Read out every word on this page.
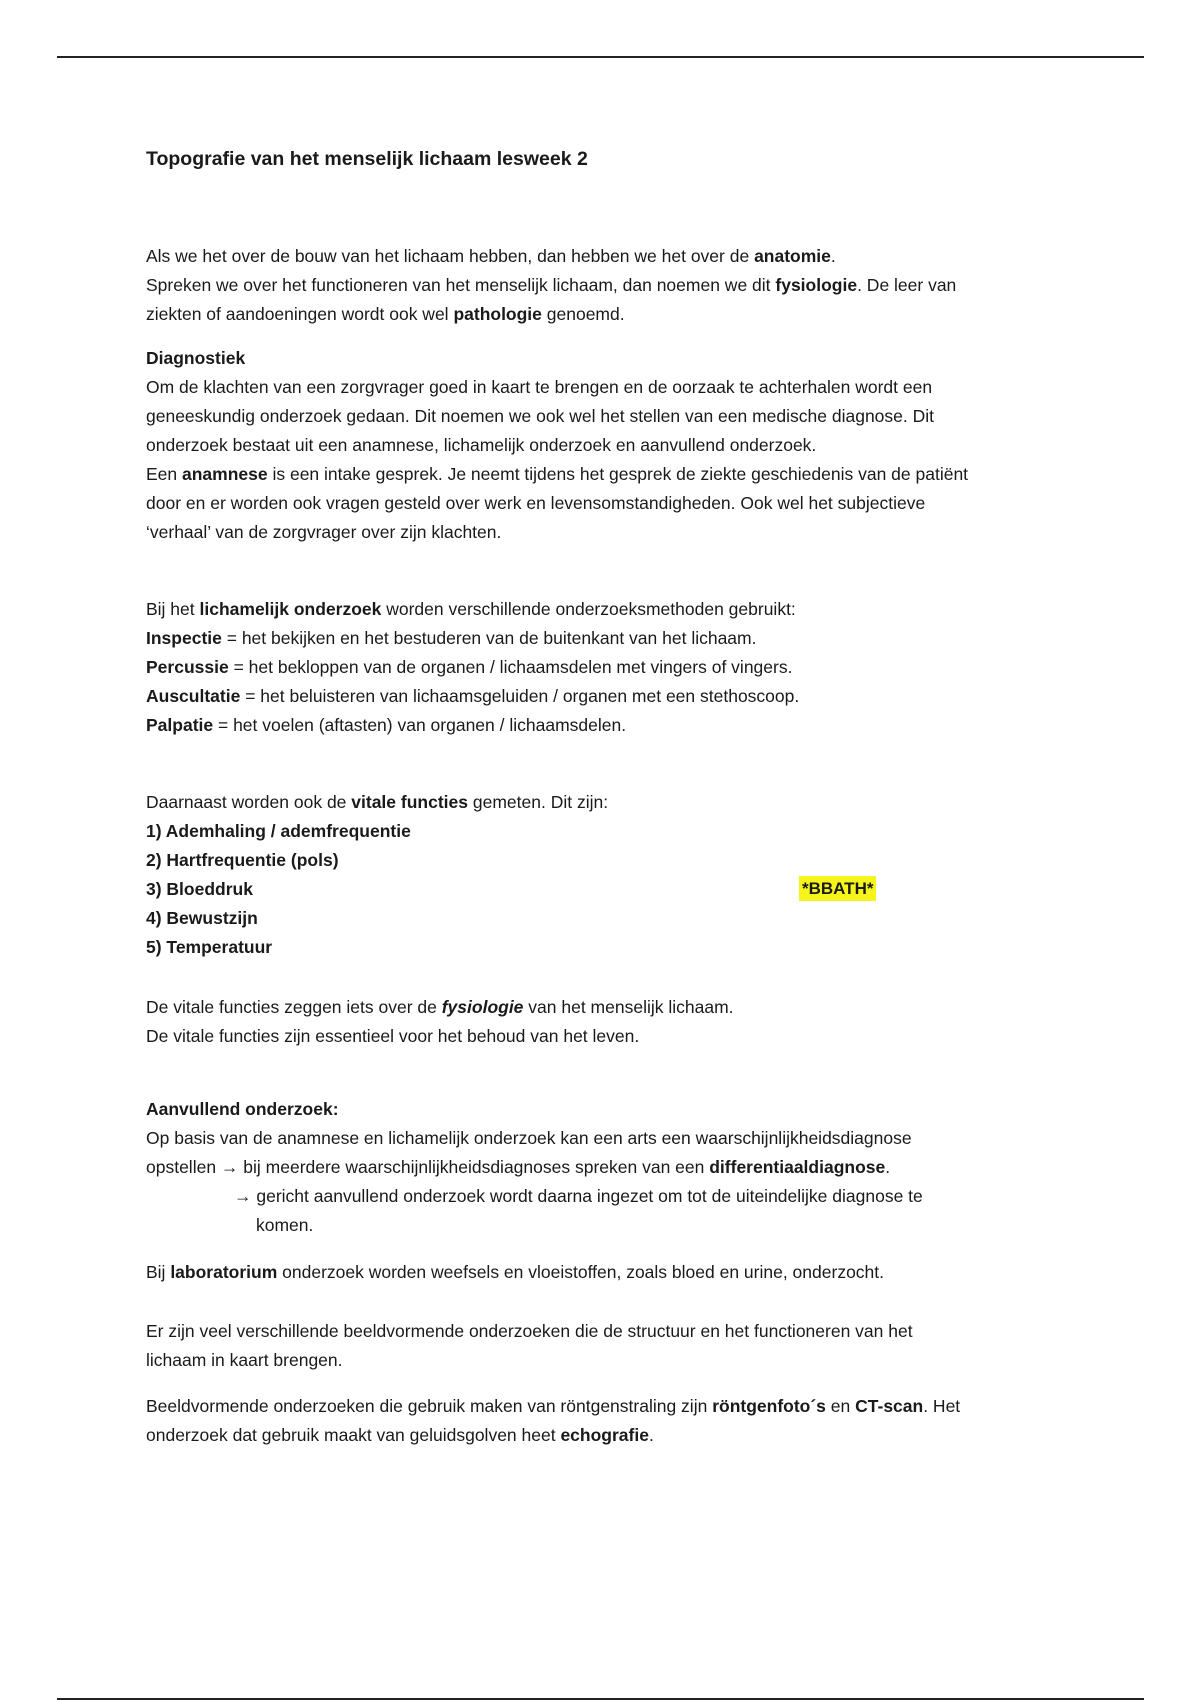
Topografie van het menselijk lichaam lesweek 2

Als we het over de bouw van het lichaam hebben, dan hebben we het over de anatomie.

Spreken we over het functioneren van het menselijk lichaam, dan noemen we dit fysiologie. De leer van

ziekten of aandoeningen wordt ook wel pathologie genoemd.

Diagnostiek

Om de klachten van een zorgvrager goed in kaart te brengen en de oorzaak te achterhalen wordt een

geneeskundig onderzoek gedaan. Dit noemen we ook wel het stellen van een medische diagnose. Dit

onderzoek bestaat uit een anamnese, lichamelijk onderzoek en aanvullend onderzoek.

Een anamnese is een intake gesprek. Je neemt tijdens het gesprek de ziekte geschiedenis van de patiënt

door en er worden ook vragen gesteld over werk en levensomstandigheden. Ook wel het subjectieve

‘verhaal’ van de zorgvrager over zijn klachten.

Bij het lichamelijk onderzoek worden verschillende onderzoeksmethoden gebruikt:

Inspectie = het bekijken en het bestuderen van de buitenkant van het lichaam.

Percussie = het bekloppen van de organen / lichaamsdelen met vingers of vingers.

Auscultatie = het beluisteren van lichaamsgeluiden / organen met een stethoscoop.

Palpatie = het voelen (aftasten) van organen / lichaamsdelen.

Daarnaast worden ook de vitale functies gemeten. Dit zijn:

1) Ademhaling / ademfrequentie

2) Hartfrequentie (pols)

3) Bloeddruk

4) Bewustzijn

5) Temperatuur

*BBATH*

De vitale functies zeggen iets over de fysiologie van het menselijk lichaam.

De vitale functies zijn essentieel voor het behoud van het leven.

Aanvullend onderzoek:

Op basis van de anamnese en lichamelijk onderzoek kan een arts een waarschijnlijkheidsdiagnose

opstellen → bij meerdere waarschijnlijkheidsdiagnoses spreken van een differentiaaldiagnose.

→ gericht aanvullend onderzoek wordt daarna ingezet om tot de uiteindelijke diagnose te

komen.

Bij laboratorium onderzoek worden weefsels en vloeistoffen, zoals bloed en urine, onderzocht.

Er zijn veel verschillende beeldvormende onderzoeken die de structuur en het functioneren van het

lichaam in kaart brengen.

Beeldvormende onderzoeken die gebruik maken van röntgenstraling zijn röntgenfoto´s en CT-scan. Het

onderzoek dat gebruik maakt van geluidsgolven heet echografie.
